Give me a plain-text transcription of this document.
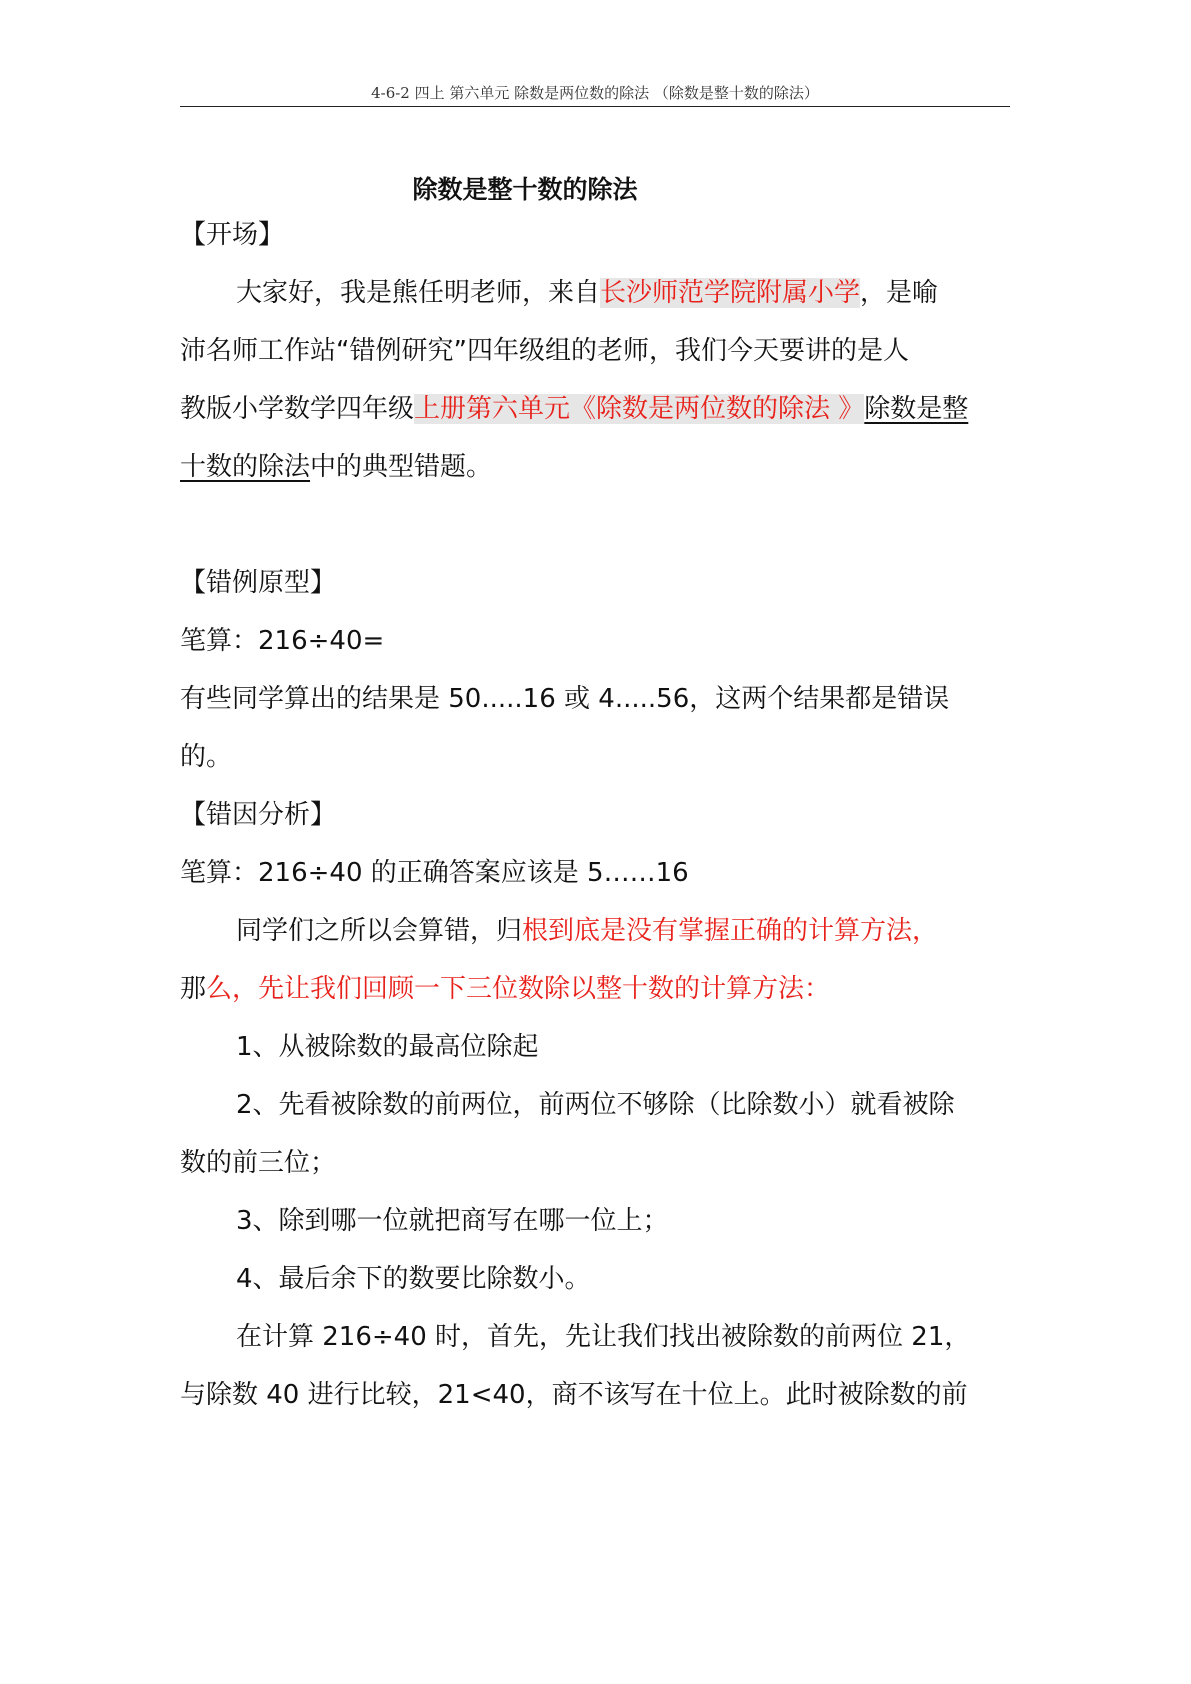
4-6-2 四上 第六单元 除数是两位数的除法 （除数是整十数的除法）
除数是整十数的除法
【开场】
大家好，我是熊任明老师，来自长沙师范学院附属小学，是喻
沛名师工作站“错例研究”四年级组的老师，我们今天要讲的是人
教版小学数学四年级上册第六单元《除数是两位数的除法 》除数是整
十数的除法中的典型错题。
【错例原型】
笔算：216÷40=
有些同学算出的结果是 50.....16 或 4.....56，这两个结果都是错误
的。
【错因分析】
笔算：216÷40 的正确答案应该是 5……16
同学们之所以会算错，归根到底是没有掌握正确的计算方法，
那么，先让我们回顾一下三位数除以整十数的计算方法：
1、从被除数的最高位除起
2、先看被除数的前两位，前两位不够除（比除数小）就看被除
数的前三位；
3、除到哪一位就把商写在哪一位上；
4、最后余下的数要比除数小。
在计算 216÷40 时，首先，先让我们找出被除数的前两位 21，
与除数 40 进行比较，21<40，商不该写在十位上。此时被除数的前
